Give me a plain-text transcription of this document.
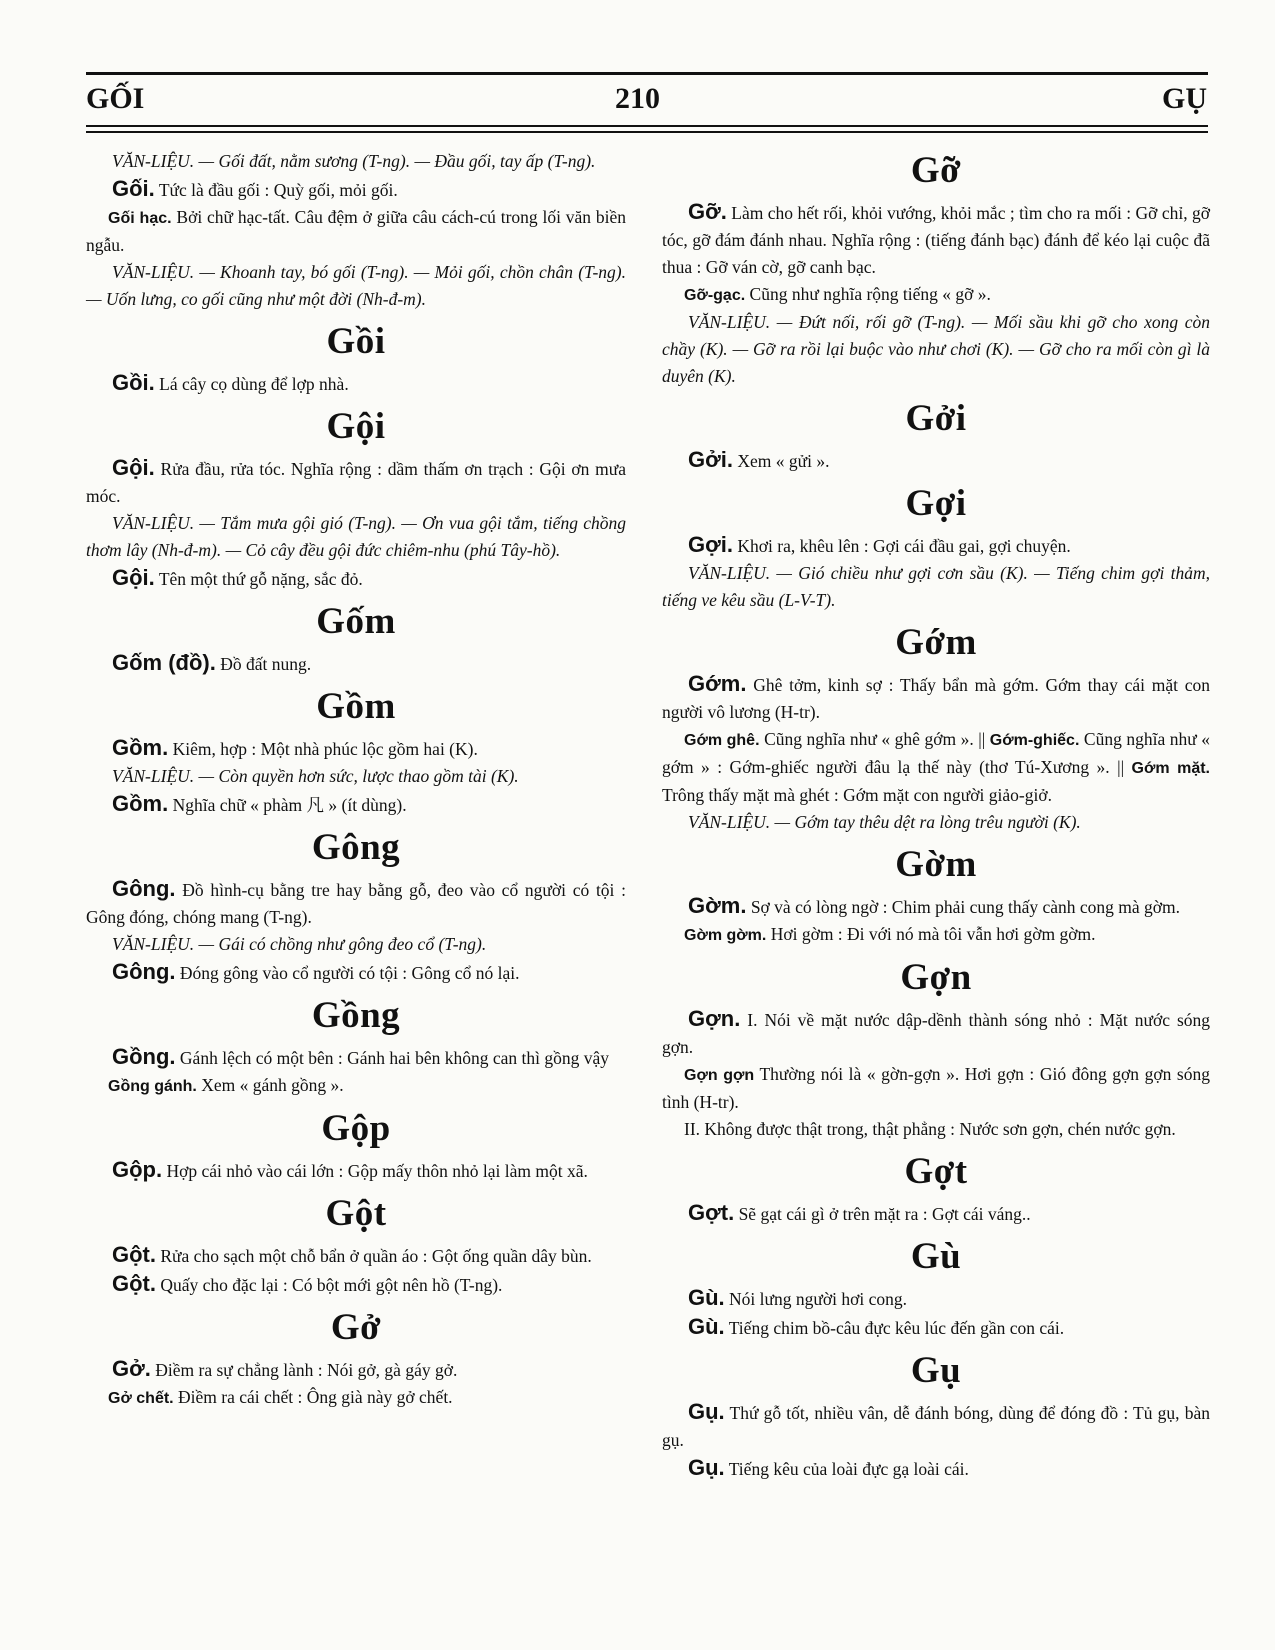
GỐI	210	GỤ

VĂN-LIỆU. — Gối đất, nằm sương (T-ng). — Đầu gối, tay ấp (T-ng).

Gối. Tức là đầu gối : Quỳ gối, mỏi gối.

Gối hạc. Bởi chữ hạc-tất. Câu đệm ở giữa câu cách-cú trong lối văn biền ngẫu.

VĂN-LIỆU. — Khoanh tay, bó gối (T-ng). — Mỏi gối, chồn chân (T-ng). — Uốn lưng, co gối cũng như một đời (Nh-đ-m).

Gồi

Gồi. Lá cây cọ dùng để lợp nhà.

Gội

Gội. Rửa đầu, rửa tóc. Nghĩa rộng : dầm thấm ơn trạch : Gội ơn mưa móc.

VĂN-LIỆU. — Tắm mưa gội gió (T-ng). — Ơn vua gội tắm, tiếng chồng thơm lây (Nh-đ-m). — Cỏ cây đều gội đức chiêm-nhu (phú Tây-hồ).

Gội. Tên một thứ gỗ nặng, sắc đỏ.

Gốm

Gốm (đồ). Đồ đất nung.

Gồm

Gồm. Kiêm, hợp : Một nhà phúc lộc gồm hai (K).

VĂN-LIỆU. — Còn quyền hơn sức, lược thao gồm tài (K).

Gồm. Nghĩa chữ « phàm 凡 » (ít dùng).

Gông

Gông. Đồ hình-cụ bằng tre hay bằng gỗ, đeo vào cổ người có tội : Gông đóng, chóng mang (T-ng).

VĂN-LIỆU. — Gái có chồng như gông đeo cổ (T-ng).

Gông. Đóng gông vào cổ người có tội : Gông cổ nó lại.

Gồng

Gồng. Gánh lệch có một bên : Gánh hai bên không can thì gồng vậy

Gồng gánh. Xem « gánh gồng ».

Gộp

Gộp. Hợp cái nhỏ vào cái lớn : Gộp mấy thôn nhỏ lại làm một xã.

Gột

Gột. Rửa cho sạch một chỗ bẩn ở quần áo : Gột ống quần dây bùn.

Gột. Quấy cho đặc lại : Có bột mới gột nên hồ (T-ng).

Gở

Gở. Điềm ra sự chẳng lành : Nói gở, gà gáy gở.

Gở chết. Điềm ra cái chết : Ông già này gở chết.

Gỡ

Gỡ. Làm cho hết rối, khỏi vướng, khỏi mắc ; tìm cho ra mối : Gỡ chỉ, gỡ tóc, gỡ đám đánh nhau. Nghĩa rộng : (tiếng đánh bạc) đánh để kéo lại cuộc đã thua : Gỡ ván cờ, gỡ canh bạc.

Gỡ-gạc. Cũng như nghĩa rộng tiếng « gỡ ».

VĂN-LIỆU. — Đứt nối, rối gỡ (T-ng). — Mối sầu khi gỡ cho xong còn chầy (K). — Gỡ ra rồi lại buộc vào như chơi (K). — Gỡ cho ra mối còn gì là duyên (K).

Gởi

Gởi. Xem « gửi ».

Gợi

Gợi. Khơi ra, khêu lên : Gợi cái đầu gai, gợi chuyện.

VĂN-LIỆU. — Gió chiều như gợi cơn sầu (K). — Tiếng chim gợi thảm, tiếng ve kêu sầu (L-V-T).

Gớm

Gớm. Ghê tởm, kinh sợ : Thấy bẩn mà gớm. Gớm thay cái mặt con người vô lương (H-tr).

Gớm ghê. Cũng nghĩa như « ghê gớm ». || Gớm-ghiếc. Cũng nghĩa như « gớm » : Gớm-ghiếc người đâu lạ thế này (thơ Tú-Xương ». || Gớm mặt. Trông thấy mặt mà ghét : Gớm mặt con người giảo-giở.

VĂN-LIỆU. — Gớm tay thêu dệt ra lòng trêu người (K).

Gờm

Gờm. Sợ và có lòng ngờ : Chim phải cung thấy cành cong mà gờm.

Gờm gờm. Hơi gờm : Đi với nó mà tôi vẫn hơi gờm gờm.

Gợn

Gợn. I. Nói về mặt nước dập-dềnh thành sóng nhỏ : Mặt nước sóng gợn.

Gợn gợn Thường nói là « gờn-gợn ». Hơi gợn : Gió đông gợn gợn sóng tình (H-tr).

II. Không được thật trong, thật phẳng : Nước sơn gợn, chén nước gợn.

Gợt

Gợt. Sẽ gạt cái gì ở trên mặt ra : Gợt cái váng..

Gù

Gù. Nói lưng người hơi cong.

Gù. Tiếng chim bồ-câu đực kêu lúc đến gần con cái.

Gụ

Gụ. Thứ gỗ tốt, nhiều vân, dễ đánh bóng, dùng để đóng đồ : Tủ gụ, bàn gụ.

Gụ. Tiếng kêu của loài đực gạ loài cái.
